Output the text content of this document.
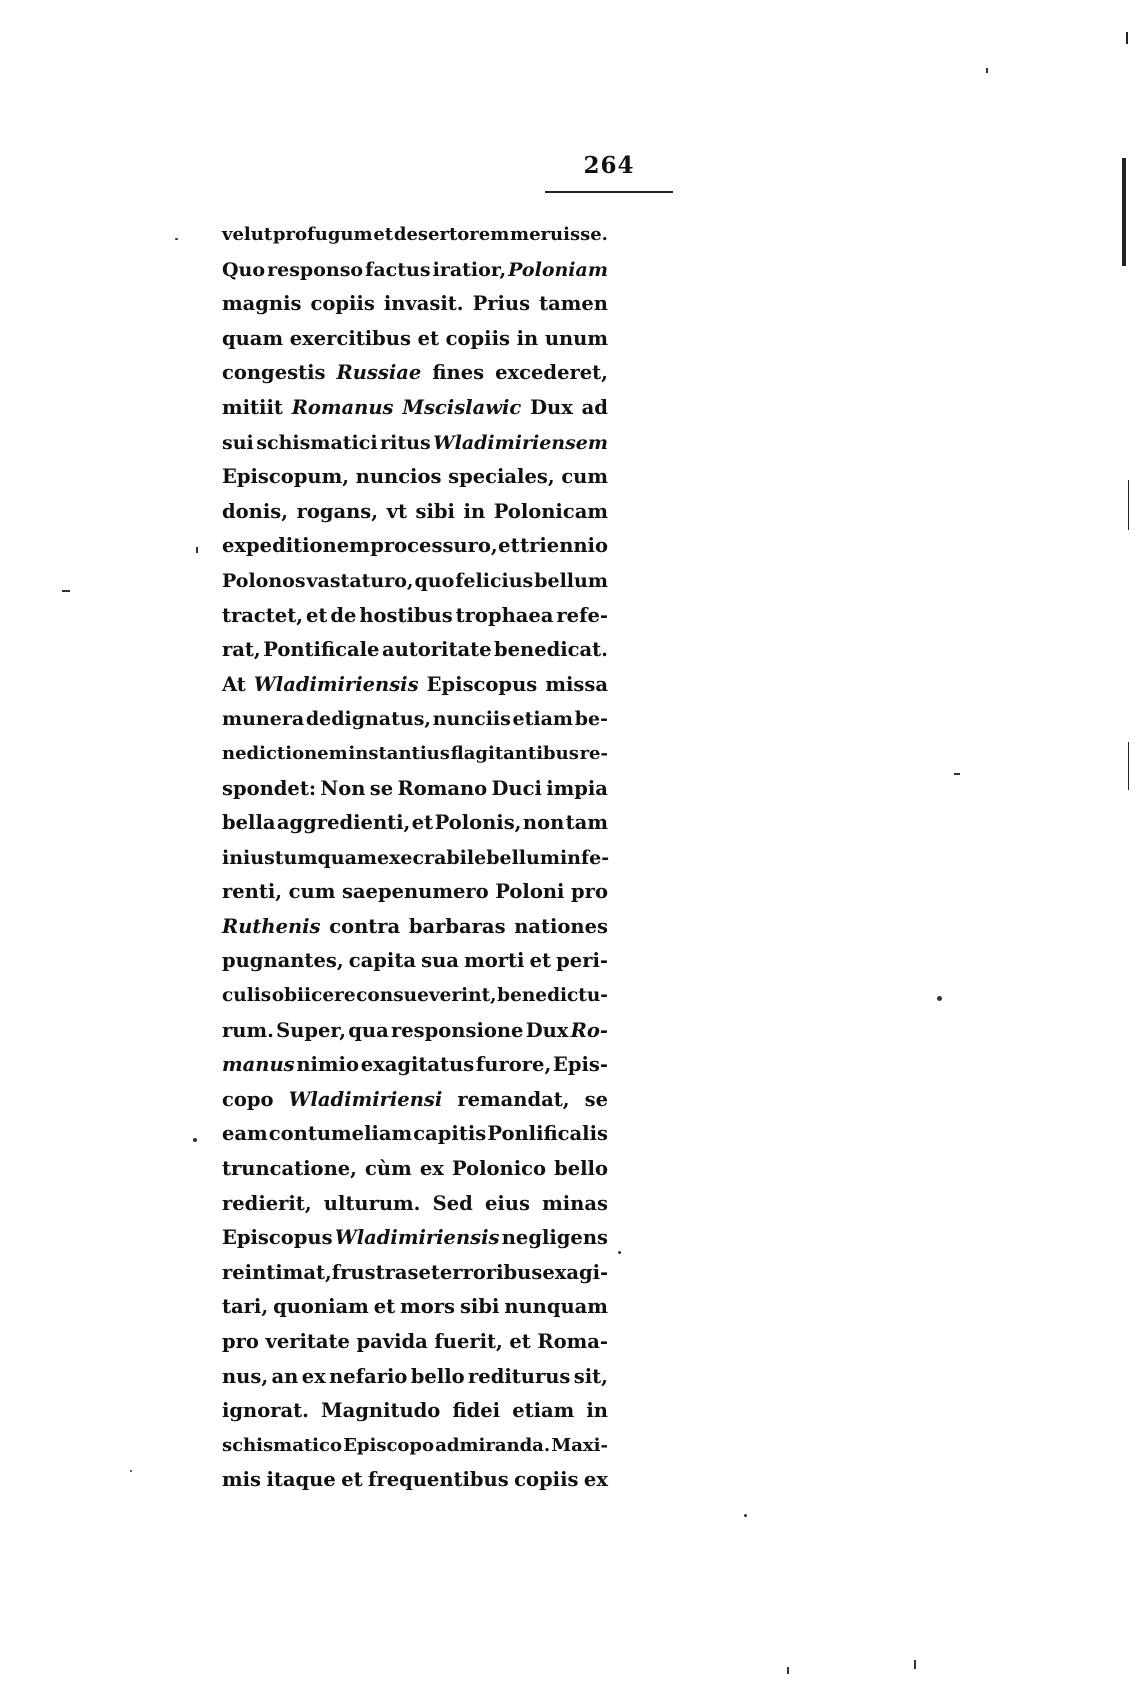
264
velut profugum et desertorem meruisse.
Quo responso factus iratior, Poloniam
magnis copiis invasit. Prius tamen
quam exercitibus et copiis in unum
congestis Russiae fines excederet,
mitiit Romanus Mscislawic Dux ad
sui schismatici ritus Wladimiriensem
Episcopum, nuncios speciales, cum
donis, rogans, vt sibi in Polonicam
expeditionem processuro, et triennio
Polonos vastaturo, quo felicius bellum
tractet, et de hostibus trophaea refe-
rat, Pontificale autoritate benedicat.
At Wladimiriensis Episcopus missa
munera dedignatus, nunciis etiam be-
nedictionem instantius flagitantibus re-
spondet: Non se Romano Duci impia
bella aggredienti, et Polonis, non tam
iniustum quam execrabile bellum infe-
renti, cum saepenumero Poloni pro
Ruthenis contra barbaras nationes
pugnantes, capita sua morti et peri-
culis obiicere consueverint, benedictu-
rum. Super, qua responsione Dux Ro-
manus nimio exagitatus furore, Epis-
copo Wladimiriensi remandat, se
eam contumeliam capitis Ponlificalis
truncatione, cùm ex Polonico bello
redierit, ulturum. Sed eius minas
Episcopus Wladimiriensis negligens
reintimat, frustra se terroribus exagi-
tari, quoniam et mors sibi nunquam
pro veritate pavida fuerit, et Roma-
nus, an ex nefario bello rediturus sit,
ignorat. Magnitudo fidei etiam in
schismatico Episcopo admiranda. Maxi-
mis itaque et frequentibus copiis ex
